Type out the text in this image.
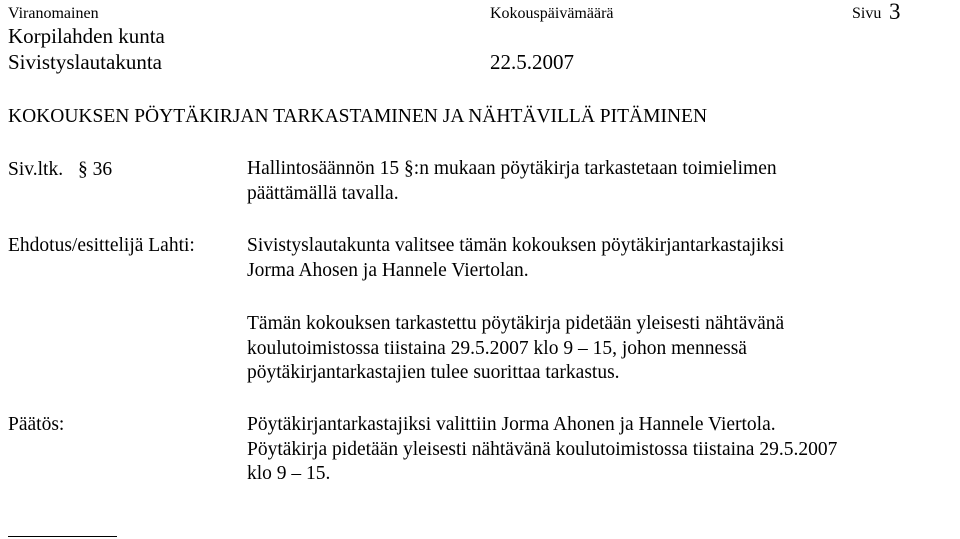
Viranomainen	Kokouspäivämäärä	Sivu 3
Korpilahden kunta
Sivistyslautakunta	22.5.2007
KOKOUKSEN PÖYTÄKIRJAN TARKASTAMINEN JA NÄHTÄVILLÄ PITÄMINEN
Siv.ltk. § 36	Hallintosäännön 15 §:n mukaan pöytäkirja tarkastetaan toimielimen
päättämällä tavalla.
Ehdotus/esittelijä Lahti:	Sivistyslautakunta valitsee tämän kokouksen pöytäkirjantarkastajiksi
Jorma Ahosen ja Hannele Viertolan.
Tämän kokouksen tarkastettu pöytäkirja pidetään yleisesti nähtävänä
koulutoimistossa tiistaina 29.5.2007 klo 9 – 15, johon mennessä
pöytäkirjantarkastajien tulee suorittaa tarkastus.
Päätös:	Pöytäkirjantarkastajiksi valittiin Jorma Ahonen ja Hannele Viertola.
Pöytäkirja pidetään yleisesti nähtävänä koulutoimistossa tiistaina 29.5.2007
klo 9 – 15.
